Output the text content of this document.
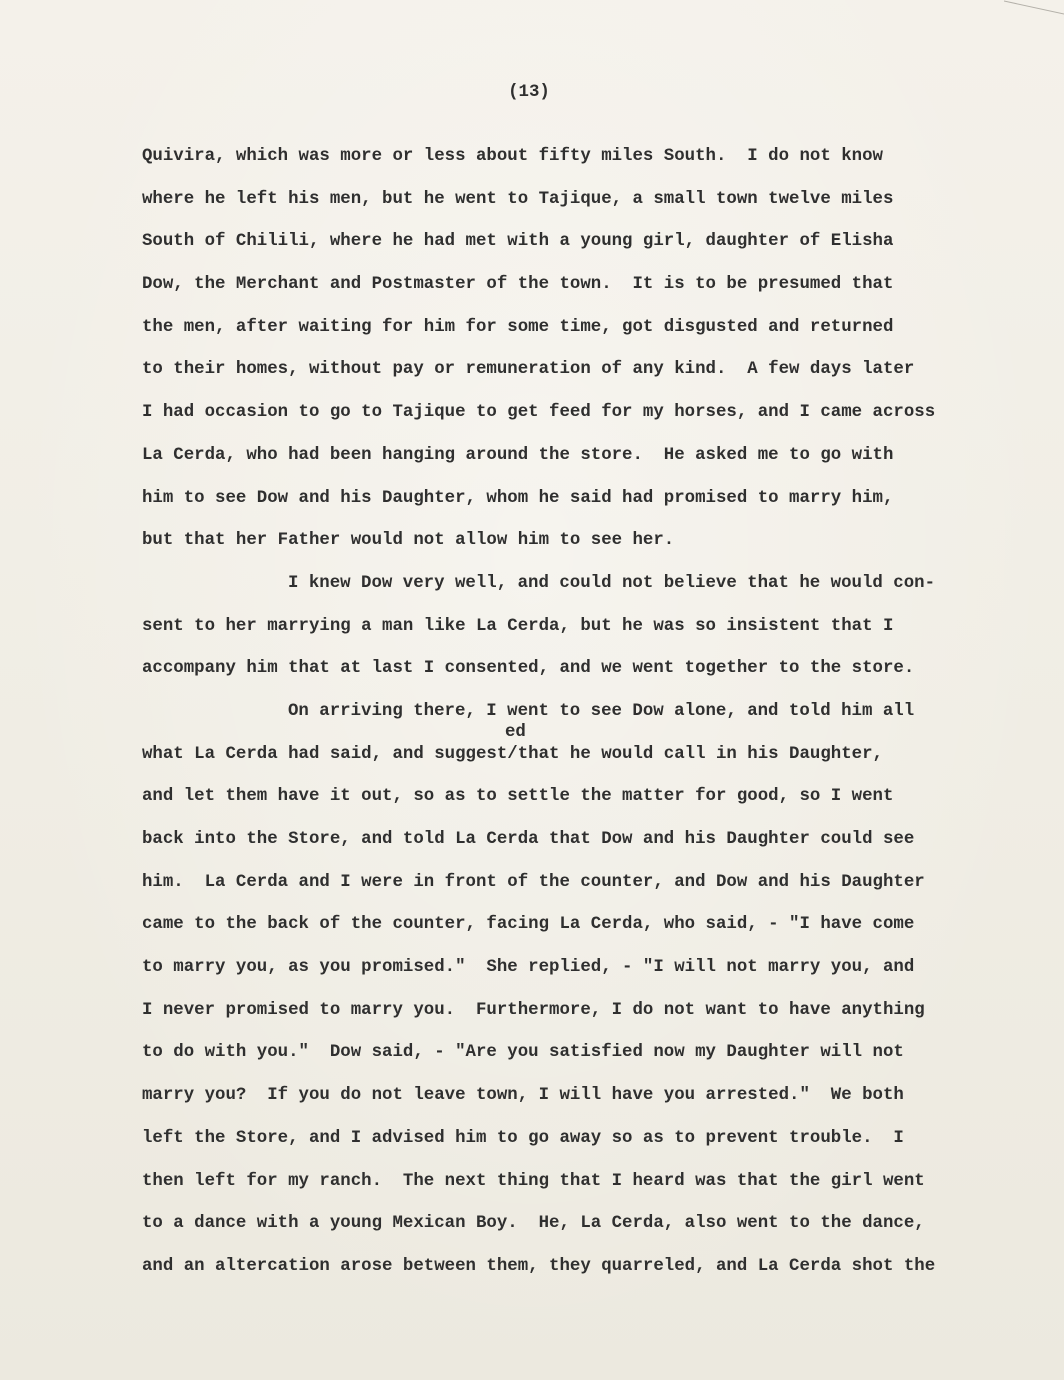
(13)
Quivira, which was more or less about fifty miles South.  I do not know
where he left his men, but he went to Tajique, a small town twelve miles
South of Chilili, where he had met with a young girl, daughter of Elisha
Dow, the Merchant and Postmaster of the town.  It is to be presumed that
the men, after waiting for him for some time, got disgusted and returned
to their homes, without pay or remuneration of any kind.  A few days later
I had occasion to go to Tajique to get feed for my horses, and I came across
La Cerda, who had been hanging around the store.  He asked me to go with
him to see Dow and his Daughter, whom he said had promised to marry him,
but that her Father would not allow him to see her.
I knew Dow very well, and could not believe that he would con-
sent to her marrying a man like La Cerda, but he was so insistent that I
accompany him that at last I consented, and we went together to the store.
On arriving there, I went to see Dow alone, and told him all
what La Cerda had said, and suggest/that he would call in his Daughter,
and let them have it out, so as to settle the matter for good, so I went
back into the Store, and told La Cerda that Dow and his Daughter could see
him.  La Cerda and I were in front of the counter, and Dow and his Daughter
came to the back of the counter, facing La Cerda, who said, - "I have come
to marry you, as you promised."  She replied, - "I will not marry you, and
I never promised to marry you.  Furthermore, I do not want to have anything
to do with you."  Dow said, - "Are you satisfied now my Daughter will not
marry you?  If you do not leave town, I will have you arrested."  We both
left the Store, and I advised him to go away so as to prevent trouble.  I
then left for my ranch.  The next thing that I heard was that the girl went
to a dance with a young Mexican Boy.  He, La Cerda, also went to the dance,
and an altercation arose between them, they quarreled, and La Cerda shot the
ed
